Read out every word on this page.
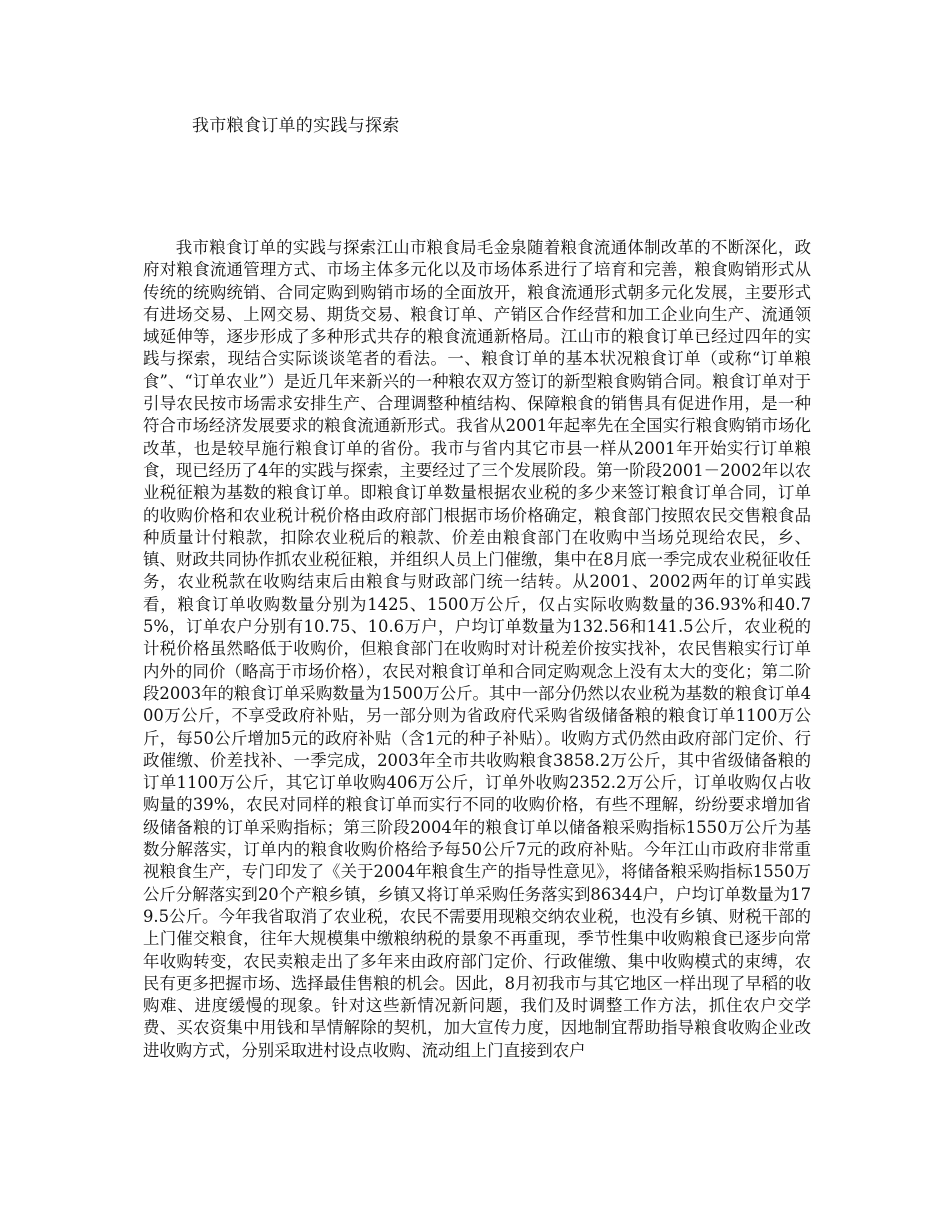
我市粮食订单的实践与探索

我市粮食订单的实践与探索江山市粮食局毛金泉随着粮食流通体制改革的不断深化，政府对粮食流通管理方式、市场主体多元化以及市场体系进行了培育和完善，粮食购销形式从传统的统购统销、合同定购到购销市场的全面放开，粮食流通形式朝多元化发展，主要形式有进场交易、上网交易、期货交易、粮食订单、产销区合作经营和加工企业向生产、流通领域延伸等，逐步形成了多种形式共存的粮食流通新格局。江山市的粮食订单已经过四年的实践与探索，现结合实际谈谈笔者的看法。一、粮食订单的基本状况粮食订单（或称“订单粮食”、“订单农业”）是近几年来新兴的一种粮农双方签订的新型粮食购销合同。粮食订单对于引导农民按市场需求安排生产、合理调整种植结构、保障粮食的销售具有促进作用，是一种符合市场经济发展要求的粮食流通新形式。我省从2001年起率先在全国实行粮食购销市场化改革，也是较早施行粮食订单的省份。我市与省内其它市县一样从2001年开始实行订单粮食，现已经历了4年的实践与探索，主要经过了三个发展阶段。第一阶段2001－2002年以农业税征粮为基数的粮食订单。即粮食订单数量根据农业税的多少来签订粮食订单合同，订单的收购价格和农业税计税价格由政府部门根据市场价格确定，粮食部门按照农民交售粮食品种质量计付粮款，扣除农业税后的粮款、价差由粮食部门在收购中当场兑现给农民，乡、镇、财政共同协作抓农业税征粮，并组织人员上门催缴，集中在8月底一季完成农业税征收任务，农业税款在收购结束后由粮食与财政部门统一结转。从2001、2002两年的订单实践看，粮食订单收购数量分别为1425、1500万公斤，仅占实际收购数量的36.93%和40.75%，订单农户分别有10.75、10.6万户，户均订单数量为132.56和141.5公斤，农业税的计税价格虽然略低于收购价，但粮食部门在收购时对计税差价按实找补，农民售粮实行订单内外的同价（略高于市场价格），农民对粮食订单和合同定购观念上没有太大的变化；第二阶段2003年的粮食订单采购数量为1500万公斤。其中一部分仍然以农业税为基数的粮食订单400万公斤，不享受政府补贴，另一部分则为省政府代采购省级储备粮的粮食订单1100万公斤，每50公斤增加5元的政府补贴（含1元的种子补贴）。收购方式仍然由政府部门定价、行政催缴、价差找补、一季完成，2003年全市共收购粮食3858.2万公斤，其中省级储备粮的订单1100万公斤，其它订单收购406万公斤，订单外收购2352.2万公斤，订单收购仅占收购量的39%，农民对同样的粮食订单而实行不同的收购价格，有些不理解，纷纷要求增加省级储备粮的订单采购指标；第三阶段2004年的粮食订单以储备粮采购指标1550万公斤为基数分解落实，订单内的粮食收购价格给予每50公斤7元的政府补贴。今年江山市政府非常重视粮食生产，专门印发了《关于2004年粮食生产的指导性意见》，将储备粮采购指标1550万公斤分解落实到20个产粮乡镇，乡镇又将订单采购任务落实到86344户，户均订单数量为179.5公斤。今年我省取消了农业税，农民不需要用现粮交纳农业税，也没有乡镇、财税干部的上门催交粮食，往年大规模集中缴粮纳税的景象不再重现，季节性集中收购粮食已逐步向常年收购转变，农民卖粮走出了多年来由政府部门定价、行政催缴、集中收购模式的束缚，农民有更多把握市场、选择最佳售粮的机会。因此，8月初我市与其它地区一样出现了早稻的收购难、进度缓慢的现象。针对这些新情况新问题，我们及时调整工作方法，抓住农户交学费、买农资集中用钱和旱情解除的契机，加大宣传力度，因地制宜帮助指导粮食收购企业改进收购方式，分别采取进村设点收购、流动组上门直接到农户
